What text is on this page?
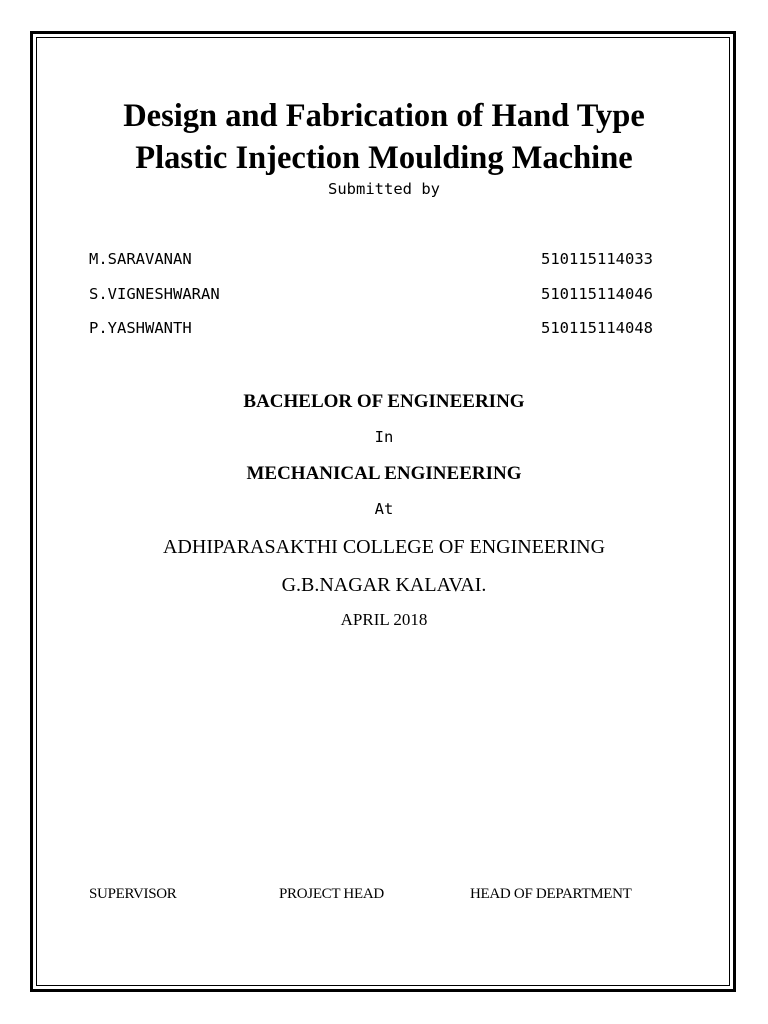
Design and Fabrication of Hand Type
Plastic Injection Moulding Machine
Submitted by
M.SARAVANAN	510115114033
S.VIGNESHWARAN	510115114046
P.YASHWANTH	510115114048
BACHELOR OF ENGINEERING
In
MECHANICAL ENGINEERING
At
ADHIPARASAKTHI COLLEGE OF ENGINEERING
G.B.NAGAR KALAVAI.
APRIL 2018
SUPERVISOR	PROJECT HEAD	HEAD OF DEPARTMENT
